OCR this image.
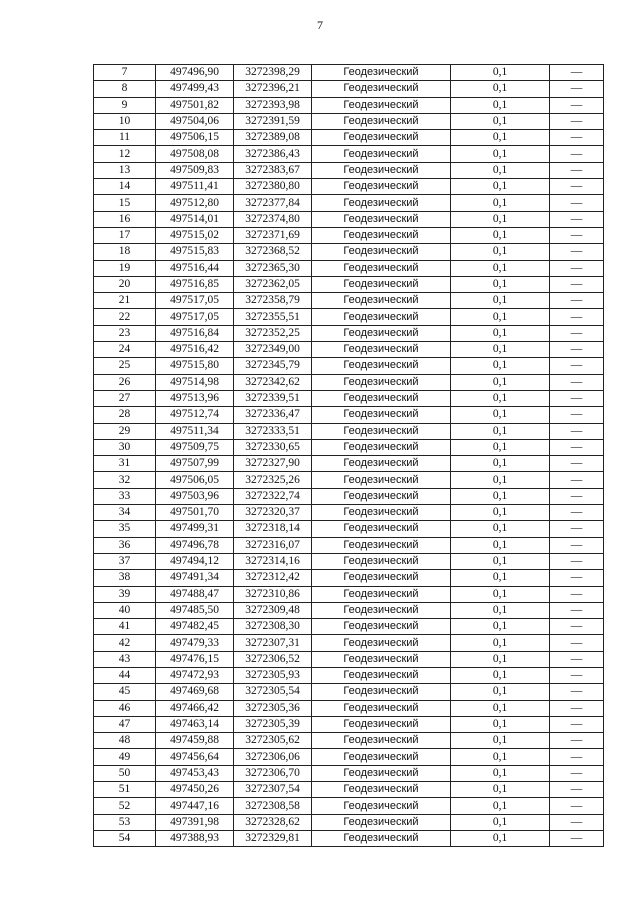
7
7	497496,90	3272398,29	Геодезический	0,1	—
8	497499,43	3272396,21	Геодезический	0,1	—
9	497501,82	3272393,98	Геодезический	0,1	—
10	497504,06	3272391,59	Геодезический	0,1	—
11	497506,15	3272389,08	Геодезический	0,1	—
12	497508,08	3272386,43	Геодезический	0,1	—
13	497509,83	3272383,67	Геодезический	0,1	—
14	497511,41	3272380,80	Геодезический	0,1	—
15	497512,80	3272377,84	Геодезический	0,1	—
16	497514,01	3272374,80	Геодезический	0,1	—
17	497515,02	3272371,69	Геодезический	0,1	—
18	497515,83	3272368,52	Геодезический	0,1	—
19	497516,44	3272365,30	Геодезический	0,1	—
20	497516,85	3272362,05	Геодезический	0,1	—
21	497517,05	3272358,79	Геодезический	0,1	—
22	497517,05	3272355,51	Геодезический	0,1	—
23	497516,84	3272352,25	Геодезический	0,1	—
24	497516,42	3272349,00	Геодезический	0,1	—
25	497515,80	3272345,79	Геодезический	0,1	—
26	497514,98	3272342,62	Геодезический	0,1	—
27	497513,96	3272339,51	Геодезический	0,1	—
28	497512,74	3272336,47	Геодезический	0,1	—
29	497511,34	3272333,51	Геодезический	0,1	—
30	497509,75	3272330,65	Геодезический	0,1	—
31	497507,99	3272327,90	Геодезический	0,1	—
32	497506,05	3272325,26	Геодезический	0,1	—
33	497503,96	3272322,74	Геодезический	0,1	—
34	497501,70	3272320,37	Геодезический	0,1	—
35	497499,31	3272318,14	Геодезический	0,1	—
36	497496,78	3272316,07	Геодезический	0,1	—
37	497494,12	3272314,16	Геодезический	0,1	—
38	497491,34	3272312,42	Геодезический	0,1	—
39	497488,47	3272310,86	Геодезический	0,1	—
40	497485,50	3272309,48	Геодезический	0,1	—
41	497482,45	3272308,30	Геодезический	0,1	—
42	497479,33	3272307,31	Геодезический	0,1	—
43	497476,15	3272306,52	Геодезический	0,1	—
44	497472,93	3272305,93	Геодезический	0,1	—
45	497469,68	3272305,54	Геодезический	0,1	—
46	497466,42	3272305,36	Геодезический	0,1	—
47	497463,14	3272305,39	Геодезический	0,1	—
48	497459,88	3272305,62	Геодезический	0,1	—
49	497456,64	3272306,06	Геодезический	0,1	—
50	497453,43	3272306,70	Геодезический	0,1	—
51	497450,26	3272307,54	Геодезический	0,1	—
52	497447,16	3272308,58	Геодезический	0,1	—
53	497391,98	3272328,62	Геодезический	0,1	—
54	497388,93	3272329,81	Геодезический	0,1	—
